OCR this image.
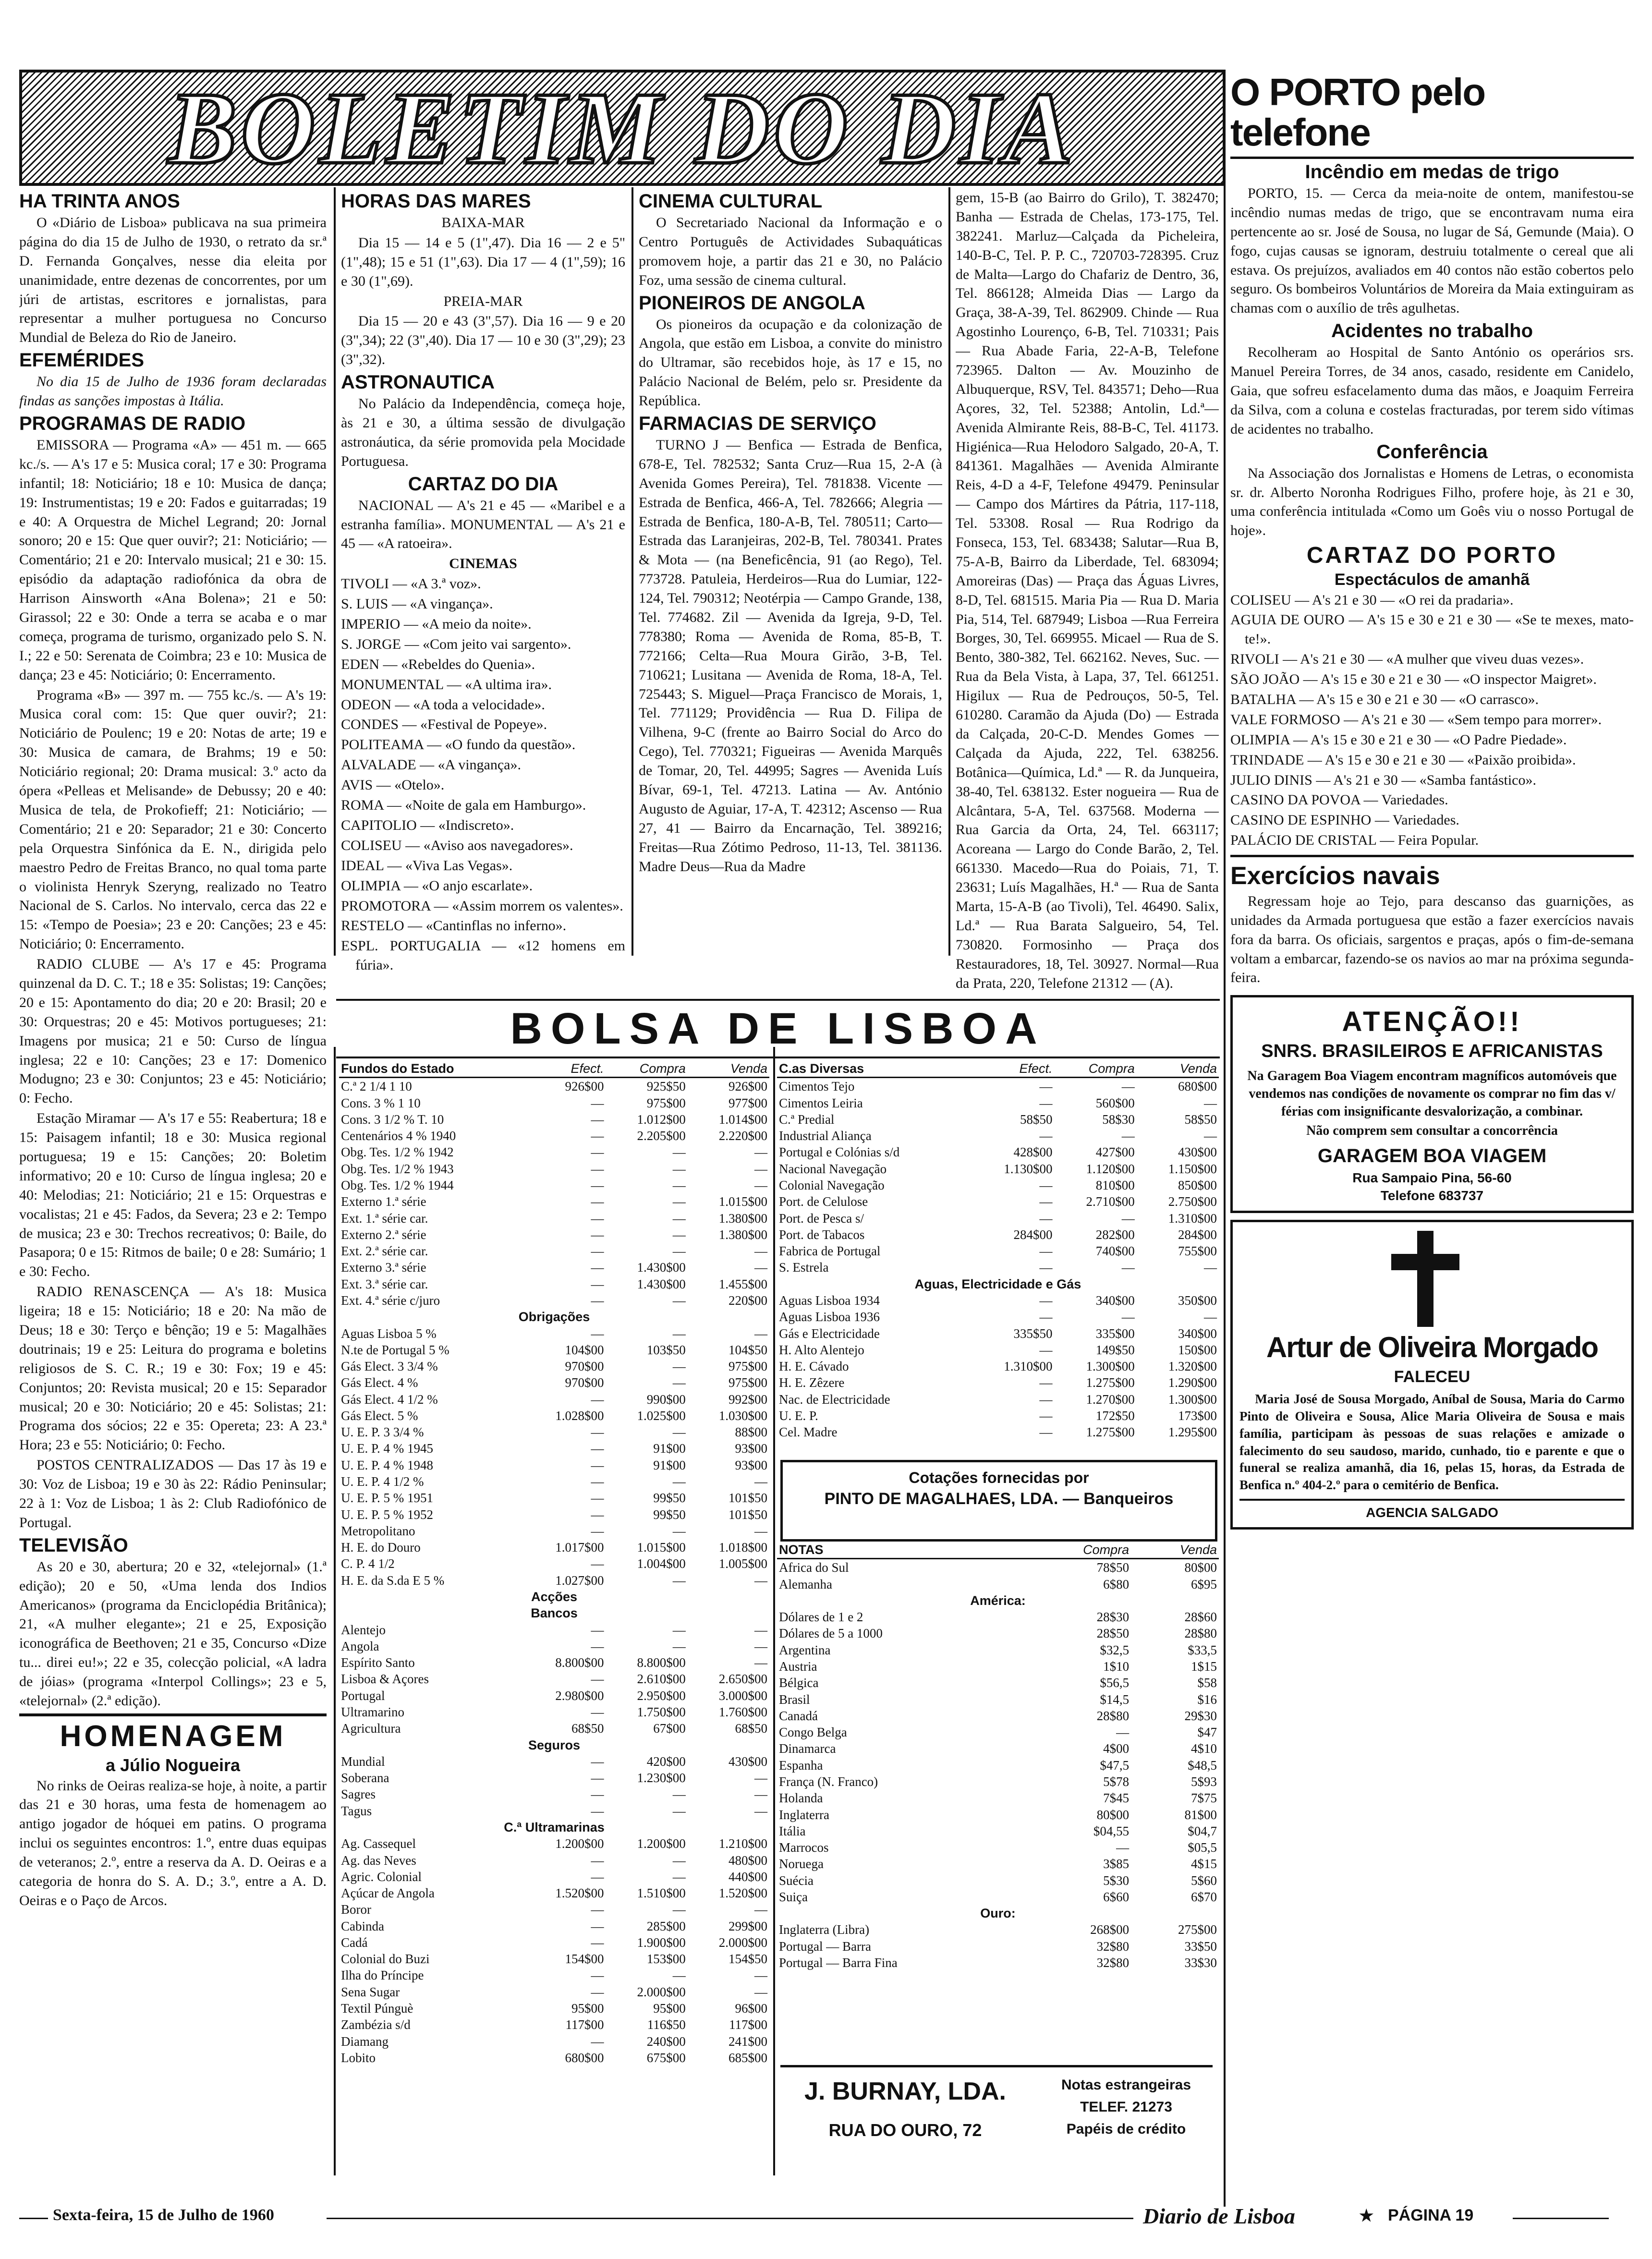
BOLETIM DO DIA
HA TRINTA ANOS

O «Diário de Lisboa» publicava na sua primeira página do dia 15 de Julho de 1930, o retrato da sr.ª D. Fernanda Gonçalves, nesse dia eleita por unanimidade, entre dezenas de concorrentes, por um júri de artistas, escritores e jornalistas, para representar a mulher portuguesa no Concurso Mundial de Beleza do Rio de Janeiro.

EFEMÉRIDES

No dia 15 de Julho de 1936 foram declaradas findas as sanções impostas à Itália.

PROGRAMAS DE RADIO

EMISSORA — Programa «A» — 451 m. — 665 kc./s. — A's 17 e 5: Musica coral; 17 e 30: Programa infantil; 18: Noticiário; 18 e 10: Musica de dança; 19: Instrumentistas; 19 e 20: Fados e guitarradas; 19 e 40: A Orquestra de Michel Legrand; 20: Jornal sonoro; 20 e 15: Que quer ouvir?; 21: Noticiário; — Comentário; 21 e 20: Intervalo musical; 21 e 30: 15. episódio da adaptação radiofónica da obra de Harrison Ainsworth «Ana Bolena»; 21 e 50: Girassol; 22 e 30: Onde a terra se acaba e o mar começa, programa de turismo, organizado pelo S. N. I.; 22 e 50: Serenata de Coimbra; 23 e 10: Musica de dança; 23 e 45: Noticiário; 0: Encerramento.

Programa «B» — 397 m. — 755 kc./s. — A's 19: Musica coral com: 15: Que quer ouvir?; 21: Noticiário de Poulenc; 19 e 20: Notas de arte; 19 e 30: Musica de camara, de Brahms; 19 e 50: Noticiário regional; 20: Drama musical: 3.º acto da ópera «Pelleas et Melisande» de Debussy; 20 e 40: Musica de tela, de Prokofieff; 21: Noticiário; — Comentário; 21 e 20: Separador; 21 e 30: Concerto pela Orquestra Sinfónica da E. N., dirigida pelo maestro Pedro de Freitas Branco, no qual toma parte o violinista Henryk Szeryng, realizado no Teatro Nacional de S. Carlos. No intervalo, cerca das 22 e 15: «Tempo de Poesia»; 23 e 20: Canções; 23 e 45: Noticiário; 0: Encerramento.

RADIO CLUBE — A's 17 e 45: Programa quinzenal da D. C. T.; 18 e 35: Solistas; 19: Canções; 20 e 15: Apontamento do dia; 20 e 20: Brasil; 20 e 30: Orquestras; 20 e 45: Motivos portugueses; 21: Imagens por musica; 21 e 50: Curso de língua inglesa; 22 e 10: Canções; 23 e 17: Domenico Modugno; 23 e 30: Conjuntos; 23 e 45: Noticiário; 0: Fecho.

Estação Miramar — A's 17 e 55: Reabertura; 18 e 15: Paisagem infantil; 18 e 30: Musica regional portuguesa; 19 e 15: Canções; 20: Boletim informativo; 20 e 10: Curso de língua inglesa; 20 e 40: Melodias; 21: Noticiário; 21 e 15: Orquestras e vocalistas; 21 e 45: Fados, da Severa; 23 e 2: Tempo de musica; 23 e 30: Trechos recreativos; 0: Baile, do Pasapora; 0 e 15: Ritmos de baile; 0 e 28: Sumário; 1 e 30: Fecho.

RADIO RENASCENÇA — A's 18: Musica ligeira; 18 e 15: Noticiário; 18 e 20: Na mão de Deus; 18 e 30: Terço e bênção; 19 e 5: Magalhães doutrinais; 19 e 25: Leitura do programa e boletins religiosos de S. C. R.; 19 e 30: Fox; 19 e 45: Conjuntos; 20: Revista musical; 20 e 15: Separador musical; 20 e 30: Noticiário; 20 e 45: Solistas; 21: Programa dos sócios; 22 e 35: Opereta; 23: A 23.ª Hora; 23 e 55: Noticiário; 0: Fecho.

POSTOS CENTRALIZADOS — Das 17 às 19 e 30: Voz de Lisboa; 19 e 30 às 22: Rádio Peninsular; 22 à 1: Voz de Lisboa; 1 às 2: Club Radiofónico de Portugal.

TELEVISÃO

As 20 e 30, abertura; 20 e 32, «telejornal» (1.ª edição); 20 e 50, «Uma lenda dos Indios Americanos» (programa da Enciclopédia Britânica); 21, «A mulher elegante»; 21 e 25, Exposição iconográfica de Beethoven; 21 e 35, Concurso «Dize tu... direi eu!»; 22 e 35, colecção policial, «A ladra de jóias» (programa «Interpol Collings»; 23 e 5, «telejornal» (2.ª edição).

HOMENAGEM
a Júlio Nogueira

No rinks de Oeiras realiza-se hoje, à noite, a partir das 21 e 30 horas, uma festa de homenagem ao antigo jogador de hóquei em patins. O programa inclui os seguintes encontros: 1.º, entre duas equipas de veteranos; 2.º, entre a reserva da A. D. Oeiras e a categoria de honra do S. A. D.; 3.º, entre a A. D. Oeiras e o Paço de Arcos.

HORAS DAS MARES

BAIXA-MAR

Dia 15 — 14 e 5 (1",47). Dia 16 — 2 e 5" (1",48); 15 e 51 (1",63). Dia 17 — 4 (1",59); 16 e 30 (1",69).

PREIA-MAR

Dia 15 — 20 e 43 (3",57). Dia 16 — 9 e 20 (3",34); 22 (3",40). Dia 17 — 10 e 30 (3",29); 23 (3",32).

ASTRONAUTICA

No Palácio da Independência, começa hoje, às 21 e 30, a última sessão de divulgação astronáutica, da série promovida pela Mocidade Portuguesa.

CARTAZ DO DIA

NACIONAL — A's 21 e 45 — «Maribel e a estranha família». MONUMENTAL — A's 21 e 45 — «A ratoeira».

CINEMAS

TIVOLI — «A 3.ª voz».

S. LUIS — «A vingança».

IMPERIO — «A meio da noite».

S. JORGE — «Com jeito vai sargento».

EDEN — «Rebeldes do Quenia».

MONUMENTAL — «A ultima ira».

ODEON — «A toda a velocidade».

CONDES — «Festival de Popeye».

POLITEAMA — «O fundo da questão».

ALVALADE — «A vingança».

AVIS — «Otelo».

ROMA — «Noite de gala em Hamburgo».

CAPITOLIO — «Indiscreto».

COLISEU — «Aviso aos navegadores».

IDEAL — «Viva Las Vegas».

OLIMPIA — «O anjo escarlate».

PROMOTORA — «Assim morrem os valentes».

RESTELO — «Cantinflas no inferno».

ESPL. PORTUGALIA — «12 homens em fúria».

CINEMA CULTURAL

O Secretariado Nacional da Informação e o Centro Português de Actividades Subaquáticas promovem hoje, a partir das 21 e 30, no Palácio Foz, uma sessão de cinema cultural.

PIONEIROS DE ANGOLA

Os pioneiros da ocupação e da colonização de Angola, que estão em Lisboa, a convite do ministro do Ultramar, são recebidos hoje, às 17 e 15, no Palácio Nacional de Belém, pelo sr. Presidente da República.

FARMACIAS DE SERVIÇO

TURNO J — Benfica — Estrada de Benfica, 678-E, Tel. 782532; Santa Cruz—Rua 15, 2-A (à Avenida Gomes Pereira), Tel. 781838. Vicente — Estrada de Benfica, 466-A, Tel. 782666; Alegria — Estrada de Benfica, 180-A-B, Tel. 780511; Carto—Estrada das Laranjeiras, 202-B, Tel. 780341. Prates & Mota — (na Beneficência, 91 (ao Rego), Tel. 773728. Patuleia, Herdeiros—Rua do Lumiar, 122-124, Tel. 790312; Neotérpia — Campo Grande, 138, Tel. 774682. Zil — Avenida da Igreja, 9-D, Tel. 778380; Roma — Avenida de Roma, 85-B, T. 772166; Celta—Rua Moura Girão, 3-B, Tel. 710621; Lusitana — Avenida de Roma, 18-A, Tel. 725443; S. Miguel—Praça Francisco de Morais, 1, Tel. 771129; Providência — Rua D. Filipa de Vilhena, 9-C (frente ao Bairro Social do Arco do Cego), Tel. 770321; Figueiras — Avenida Marquês de Tomar, 20, Tel. 44995; Sagres — Avenida Luís Bívar, 69-1, Tel. 47213. Latina — Av. António Augusto de Aguiar, 17-A, T. 42312; Ascenso — Rua 27, 41 — Bairro da Encarnação, Tel. 389216; Freitas—Rua Zótimo Pedroso, 11-13, Tel. 381136. Madre Deus—Rua da Madre

gem, 15-B (ao Bairro do Grilo), T. 382470; Banha — Estrada de Chelas, 173-175, Tel. 382241. Marluz—Calçada da Picheleira, 140-B-C, Tel. P. P. C., 720703-728395. Cruz de Malta—Largo do Chafariz de Dentro, 36, Tel. 866128; Almeida Dias — Largo da Graça, 38-A-39, Tel. 862909. Chinde — Rua Agostinho Lourenço, 6-B, Tel. 710331; Pais — Rua Abade Faria, 22-A-B, Telefone 723965. Dalton — Av. Mouzinho de Albuquerque, RSV, Tel. 843571; Deho—Rua Açores, 32, Tel. 52388; Antolin, Ld.ª—Avenida Almirante Reis, 88-B-C, Tel. 41173. Higiénica—Rua Helodoro Salgado, 20-A, T. 841361. Magalhães — Avenida Almirante Reis, 4-D a 4-F, Telefone 49479. Peninsular — Campo dos Mártires da Pátria, 117-118, Tel. 53308. Rosal — Rua Rodrigo da Fonseca, 153, Tel. 683438; Salutar—Rua B, 75-A-B, Bairro da Liberdade, Tel. 683094; Amoreiras (Das) — Praça das Águas Livres, 8-D, Tel. 681515. Maria Pia — Rua D. Maria Pia, 514, Tel. 687949; Lisboa —Rua Ferreira Borges, 30, Tel. 669955. Micael — Rua de S. Bento, 380-382, Tel. 662162. Neves, Suc. — Rua da Bela Vista, à Lapa, 37, Tel. 661251. Higilux — Rua de Pedrouços, 50-5, Tel. 610280. Caramão da Ajuda (Do) — Estrada da Calçada, 20-C-D. Mendes Gomes — Calçada da Ajuda, 222, Tel. 638256. Botânica—Química, Ld.ª — R. da Junqueira, 38-40, Tel. 638132. Ester nogueira — Rua de Alcântara, 5-A, Tel. 637568. Moderna — Rua Garcia da Orta, 24, Tel. 663117; Acoreana — Largo do Conde Barão, 2, Tel. 661330. Macedo—Rua do Poiais, 71, T. 23631; Luís Magalhães, H.ª — Rua de Santa Marta, 15-A-B (ao Tivoli), Tel. 46490. Salix, Ld.ª — Rua Barata Salgueiro, 54, Tel. 730820. Formosinho — Praça dos Restauradores, 18, Tel. 30927. Normal—Rua da Prata, 220, Telefone 21312 — (A).

O PORTO pelo telefone
Incêndio em medas de trigo

PORTO, 15. — Cerca da meia-noite de ontem, manifestou-se incêndio numas medas de trigo, que se encontravam numa eira pertencente ao sr. José de Sousa, no lugar de Sá, Gemunde (Maia). O fogo, cujas causas se ignoram, destruiu totalmente o cereal que ali estava. Os prejuízos, avaliados em 40 contos não estão cobertos pelo seguro. Os bombeiros Voluntários de Moreira da Maia extinguiram as chamas com o auxílio de três agulhetas.

Acidentes no trabalho

Recolheram ao Hospital de Santo António os operários srs. Manuel Pereira Torres, de 34 anos, casado, residente em Canidelo, Gaia, que sofreu esfacelamento duma das mãos, e Joaquim Ferreira da Silva, com a coluna e costelas fracturadas, por terem sido vítimas de acidentes no trabalho.

Conferência

Na Associação dos Jornalistas e Homens de Letras, o economista sr. dr. Alberto Noronha Rodrigues Filho, profere hoje, às 21 e 30, uma conferência intitulada «Como um Goês viu o nosso Portugal de hoje».

CARTAZ DO PORTO
Espectáculos de amanhã

COLISEU — A's 21 e 30 — «O rei da pradaria».

AGUIA DE OURO — A's 15 e 30 e 21 e 30 — «Se te mexes, mato-te!».

RIVOLI — A's 21 e 30 — «A mulher que viveu duas vezes».

SÃO JOÃO — A's 15 e 30 e 21 e 30 — «O inspector Maigret».

BATALHA — A's 15 e 30 e 21 e 30 — «O carrasco».

VALE FORMOSO — A's 21 e 30 — «Sem tempo para morrer».

OLIMPIA — A's 15 e 30 e 21 e 30 — «O Padre Piedade».

TRINDADE — A's 15 e 30 e 21 e 30 — «Paixão proibida».

JULIO DINIS — A's 21 e 30 — «Samba fantástico».

CASINO DA POVOA — Variedades.

CASINO DE ESPINHO — Variedades.

PALÁCIO DE CRISTAL — Feira Popular.

Exercícios navais

Regressam hoje ao Tejo, para descanso das guarnições, as unidades da Armada portuguesa que estão a fazer exercícios navais fora da barra. Os oficiais, sargentos e praças, após o fim-de-semana voltam a embarcar, fazendo-se os navios ao mar na próxima segunda-feira.

ATENÇÃO!!
SNRS. BRASILEIROS E AFRICANISTAS

Na Garagem Boa Viagem encontram magníficos automóveis que vendemos nas condições de novamente os comprar no fim das v/ férias com insignificante desvalorização, a combinar.

Não comprem sem consultar a concorrência

GARAGEM BOA VIAGEM
Rua Sampaio Pina, 56-60
Telefone 683737
Artur de Oliveira Morgado
FALECEU

Maria José de Sousa Morgado, Aníbal de Sousa, Maria do Carmo Pinto de Oliveira e Sousa, Alice Maria Oliveira de Sousa e mais família, participam às pessoas de suas relações e amizade o falecimento do seu saudoso, marido, cunhado, tio e parente e que o funeral se realiza amanhã, dia 16, pelas 15, horas, da Estrada de Benfica n.º 404-2.º para o cemitério de Benfica.

AGENCIA SALGADO
BOLSA DE LISBOA
Fundos do Estado	Efect.	Compra	Venda
C.ª 2 1/4 1 10	926$00	925$50	926$00
Cons. 3 % 1 10	—	975$00	977$00
Cons. 3 1/2 % T. 10	—	1.012$00	1.014$00
Centenários 4 % 1940	—	2.205$00	2.220$00
Obg. Tes. 1/2 % 1942	—	—	—
Obg. Tes. 1/2 % 1943	—	—	—
Obg. Tes. 1/2 % 1944	—	—	—
Externo 1.ª série	—	—	1.015$00
Ext. 1.ª série car.	—	—	1.380$00
Externo 2.ª série	—	—	1.380$00
Ext. 2.ª série car.	—	—	—
Externo 3.ª série	—	1.430$00	—
Ext. 3.ª série car.	—	1.430$00	1.455$00
Ext. 4.ª série c/juro	—	—	220$00
Obrigações			
Aguas Lisboa 5 %	—	—	—
N.te de Portugal 5 %	104$00	103$50	104$50
Gás Elect. 3 3/4 %	970$00	—	975$00
Gás Elect. 4 %	970$00	—	975$00
Gás Elect. 4 1/2 %	—	990$00	992$00
Gás Elect. 5 %	1.028$00	1.025$00	1.030$00
U. E. P. 3 3/4 %	—	—	88$00
U. E. P. 4 % 1945	—	91$00	93$00
U. E. P. 4 % 1948	—	91$00	93$00
U. E. P. 4 1/2 %	—	—	—
U. E. P. 5 % 1951	—	99$50	101$50
U. E. P. 5 % 1952	—	99$50	101$50
Metropolitano	—	—	—
H. E. do Douro	1.017$00	1.015$00	1.018$00
C. P. 4 1/2	—	1.004$00	1.005$00
H. E. da S.da E 5 %	1.027$00	—	—
Acções			
Bancos			
Alentejo	—	—	—
Angola	—	—	—
Espírito Santo	8.800$00	8.800$00	—
Lisboa & Açores	—	2.610$00	2.650$00
Portugal	2.980$00	2.950$00	3.000$00
Ultramarino	—	1.750$00	1.760$00
Agricultura	68$50	67$00	68$50
Seguros			
Mundial	—	420$00	430$00
Soberana	—	1.230$00	—
Sagres	—	—	—
Tagus	—	—	—
C.ª Ultramarinas			
Ag. Cassequel	1.200$00	1.200$00	1.210$00
Ag. das Neves	—	—	480$00
Agric. Colonial	—	—	440$00
Açúcar de Angola	1.520$00	1.510$00	1.520$00
Boror	—	—	—
Cabinda	—	285$00	299$00
Cadá	—	1.900$00	2.000$00
Colonial do Buzi	154$00	153$00	154$50
Ilha do Príncipe	—	—	—
Sena Sugar	—	2.000$00	—
Textil Púnguè	95$00	95$00	96$00
Zambézia s/d	117$00	116$50	117$00
Diamang	—	240$00	241$00
Lobito	680$00	675$00	685$00
C.as Diversas	Efect.	Compra	Venda
Cimentos Tejo	—	—	680$00
Cimentos Leiria	—	560$00	—
C.ª Predial	58$50	58$30	58$50
Industrial Aliança	—	—	—
Portugal e Colónias s/d	428$00	427$00	430$00
Nacional Navegação	1.130$00	1.120$00	1.150$00
Colonial Navegação	—	810$00	850$00
Port. de Celulose	—	2.710$00	2.750$00
Port. de Pesca s/	—	—	1.310$00
Port. de Tabacos	284$00	282$00	284$00
Fabrica de Portugal	—	740$00	755$00
S. Estrela	—	—	—
Aguas, Electricidade e Gás			
Aguas Lisboa 1934	—	340$00	350$00
Aguas Lisboa 1936	—	—	—
Gás e Electricidade	335$50	335$00	340$00
H. Alto Alentejo	—	149$50	150$00
H. E. Cávado	1.310$00	1.300$00	1.320$00
H. E. Zêzere	—	1.275$00	1.290$00
Nac. de Electricidade	—	1.270$00	1.300$00
U. E. P.	—	172$50	173$00
Cel. Madre	—	1.275$00	1.295$00
Cotações fornecidas por
PINTO DE MAGALHAES, LDA. — Banqueiros
NOTAS	Compra	Venda
Africa do Sul	78$50	80$00
Alemanha	6$80	6$95
América:		
Dólares de 1 e 2	28$30	28$60
Dólares de 5 a 1000	28$50	28$80
Argentina	$32,5	$33,5
Austria	1$10	1$15
Bélgica	$56,5	$58
Brasil	$14,5	$16
Canadá	28$80	29$30
Congo Belga	—	$47
Dinamarca	4$00	4$10
Espanha	$47,5	$48,5
França (N. Franco)	5$78	5$93
Holanda	7$45	7$75
Inglaterra	80$00	81$00
Itália	$04,55	$04,7
Marrocos	—	$05,5
Noruega	3$85	4$15
Suécia	5$30	5$60
Suiça	6$60	6$70
Ouro:		
Inglaterra (Libra)	268$00	275$00
Portugal — Barra	32$80	33$50
Portugal — Barra Fina	32$80	33$30
J. BURNAY, LDA.
RUA DO OURO, 72
Notas estrangeiras
TELEF. 21273
Papéis de crédito
Sexta-feira, 15 de Julho de 1960	Diario de Lisboa	★ PÁGINA 19
